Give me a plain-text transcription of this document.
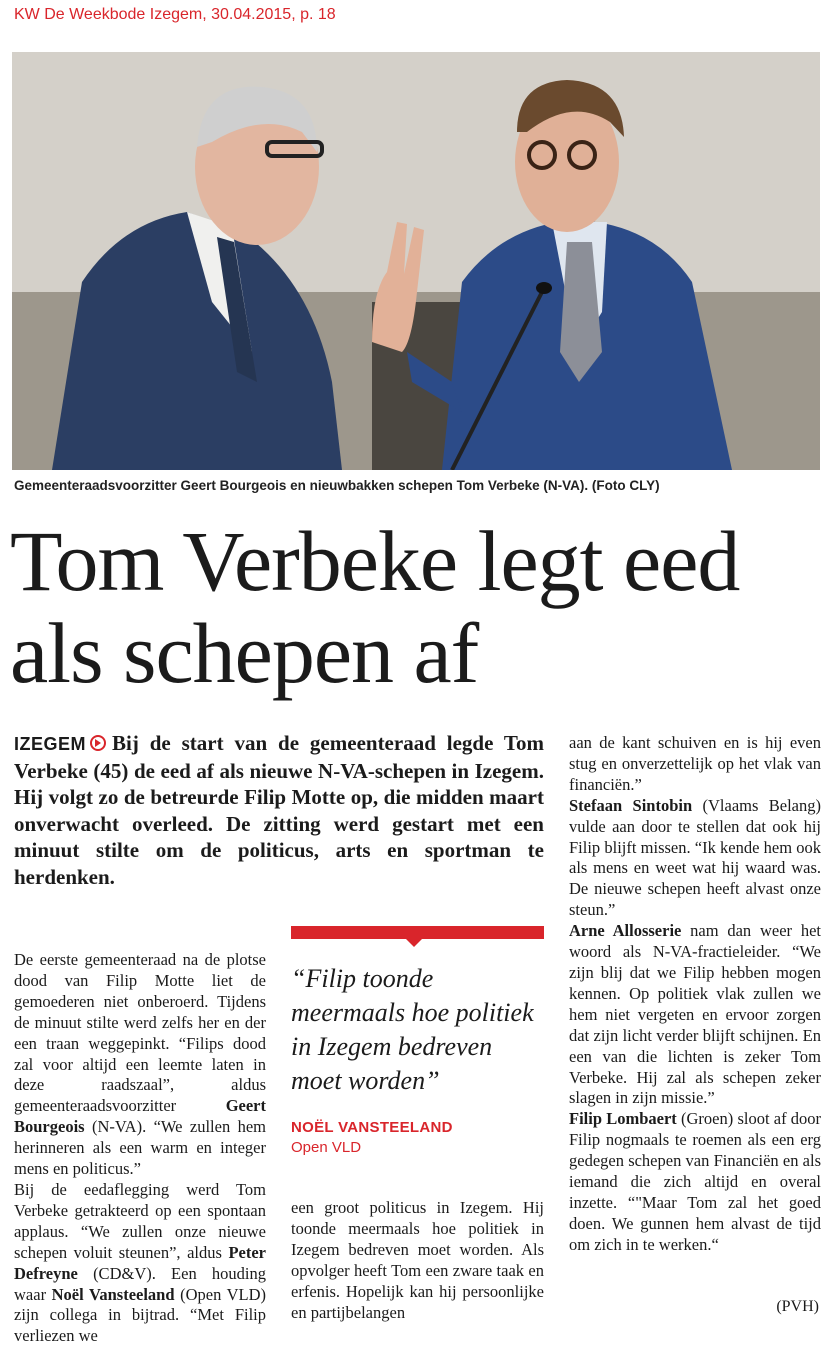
KW De Weekbode Izegem, 30.04.2015, p. 18
Gemeenteraadsvoorzitter Geert Bourgeois en nieuwbakken schepen Tom Verbeke (N-VA). (Foto CLY)
Tom Verbeke legt eed als schepen af

IZEGEM Bij de start van de gemeenteraad legde Tom Verbeke (45) de eed af als nieuwe N-VA-schepen in Izegem. Hij volgt zo de betreurde Filip Motte op, die midden maart onverwacht overleed. De zitting werd gestart met een minuut stilte om de politicus, arts en sportman te herdenken.

De eerste gemeenteraad na de plotse dood van Filip Motte liet de gemoederen niet onberoerd. Tijdens de minuut stilte werd zelfs her en der een traan weggepinkt. “Filips dood zal voor altijd een leemte laten in deze raadszaal”, aldus gemeenteraadsvoorzitter	Geert Bourgeois (N-VA). “We zullen hem herinneren als een warm en integer mens en politicus.”

Bij de eedaflegging werd Tom Verbeke getrakteerd op een spontaan applaus. “We zullen onze nieuwe schepen voluit steunen”, aldus Peter Defreyne (CD&V). Een houding waar Noël Vansteeland (Open VLD) zijn collega in bijtrad. “Met Filip verliezen we

“Filip toonde meermaals hoe politiek in Izegem bedreven moet worden”

NOËL VANSTEELAND
Open VLD

een groot politicus in Izegem. Hij toonde meermaals hoe politiek in Izegem bedreven moet worden. Als opvolger heeft Tom een zware taak en erfenis. Hopelijk kan hij persoonlijke en partijbelangen

aan de kant schuiven en is hij even stug en onverzettelijk op het vlak van financiën.”

Stefaan Sintobin (Vlaams Belang) vulde aan door te stellen dat ook hij Filip blijft missen. “Ik kende hem ook als mens en weet wat hij waard was. De nieuwe schepen heeft alvast onze steun.”

Arne Allosserie nam dan weer het woord als N-VA-fractieleider. “We zijn blij dat we Filip hebben mogen kennen. Op politiek vlak zullen we hem niet vergeten en ervoor zorgen dat zijn licht verder blijft schijnen. En een van die lichten is zeker Tom Verbeke. Hij zal als schepen zeker slagen in zijn missie.”

Filip Lombaert (Groen) sloot af door Filip nogmaals te roemen als een erg gedegen schepen van Financiën en als iemand die zich altijd en overal inzette. “"Maar Tom zal het goed doen. We gunnen hem alvast de tijd om zich in te werken.“

(PVH)
